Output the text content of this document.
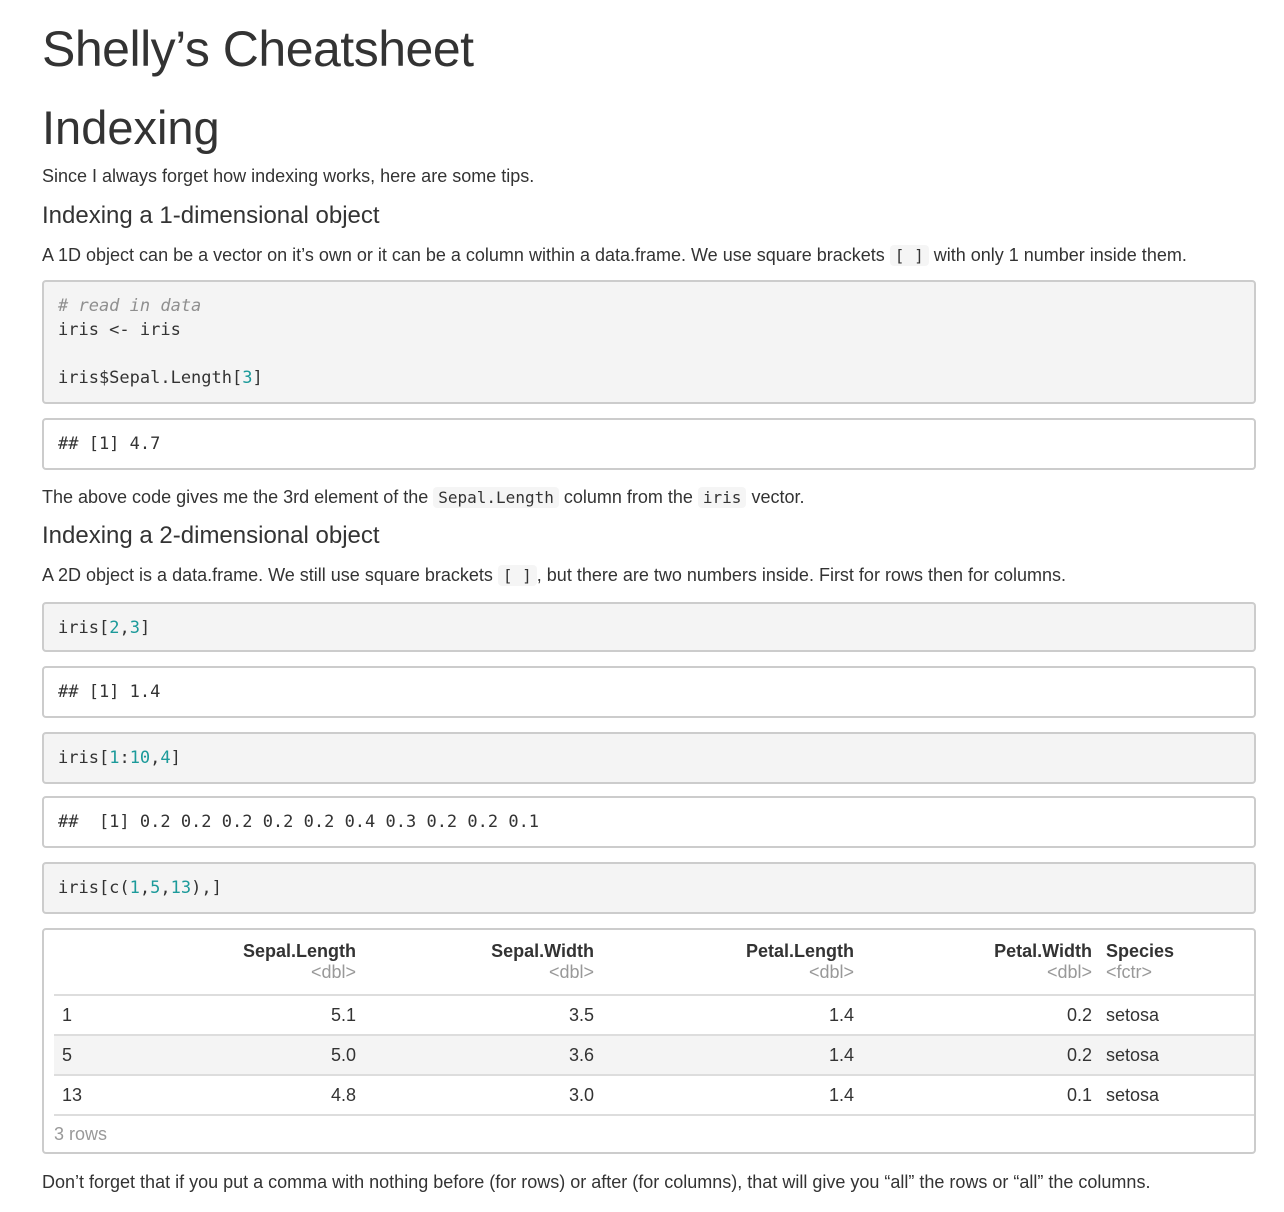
Shelly’s Cheatsheet
Indexing

Since I always forget how indexing works, here are some tips.

Indexing a 1-dimensional object

A 1D object can be a vector on it’s own or it can be a column within a data.frame. We use square brackets [ ] with only 1 number inside them.

# read in data
iris <- iris

iris$Sepal.Length[3]
## [1] 4.7

The above code gives me the 3rd element of the Sepal.Length column from the iris vector.

Indexing a 2-dimensional object

A 2D object is a data.frame. We still use square brackets [ ] , but there are two numbers inside. First for rows then for columns.

iris[2,3]
## [1] 1.4
iris[1:10,4]
##  [1] 0.2 0.2 0.2 0.2 0.2 0.4 0.3 0.2 0.2 0.1
iris[c(1,5,13),]
	Sepal.Length	Sepal.Width	Petal.Length	Petal.Width	Species
	<dbl>	<dbl>	<dbl>	<dbl>	<fctr>
1	5.1	3.5	1.4	0.2	setosa
5	5.0	3.6	1.4	0.2	setosa
13	4.8	3.0	1.4	0.1	setosa
3 rows

Don’t forget that if you put a comma with nothing before (for rows) or after (for columns), that will give you “all” the rows or “all” the columns.
